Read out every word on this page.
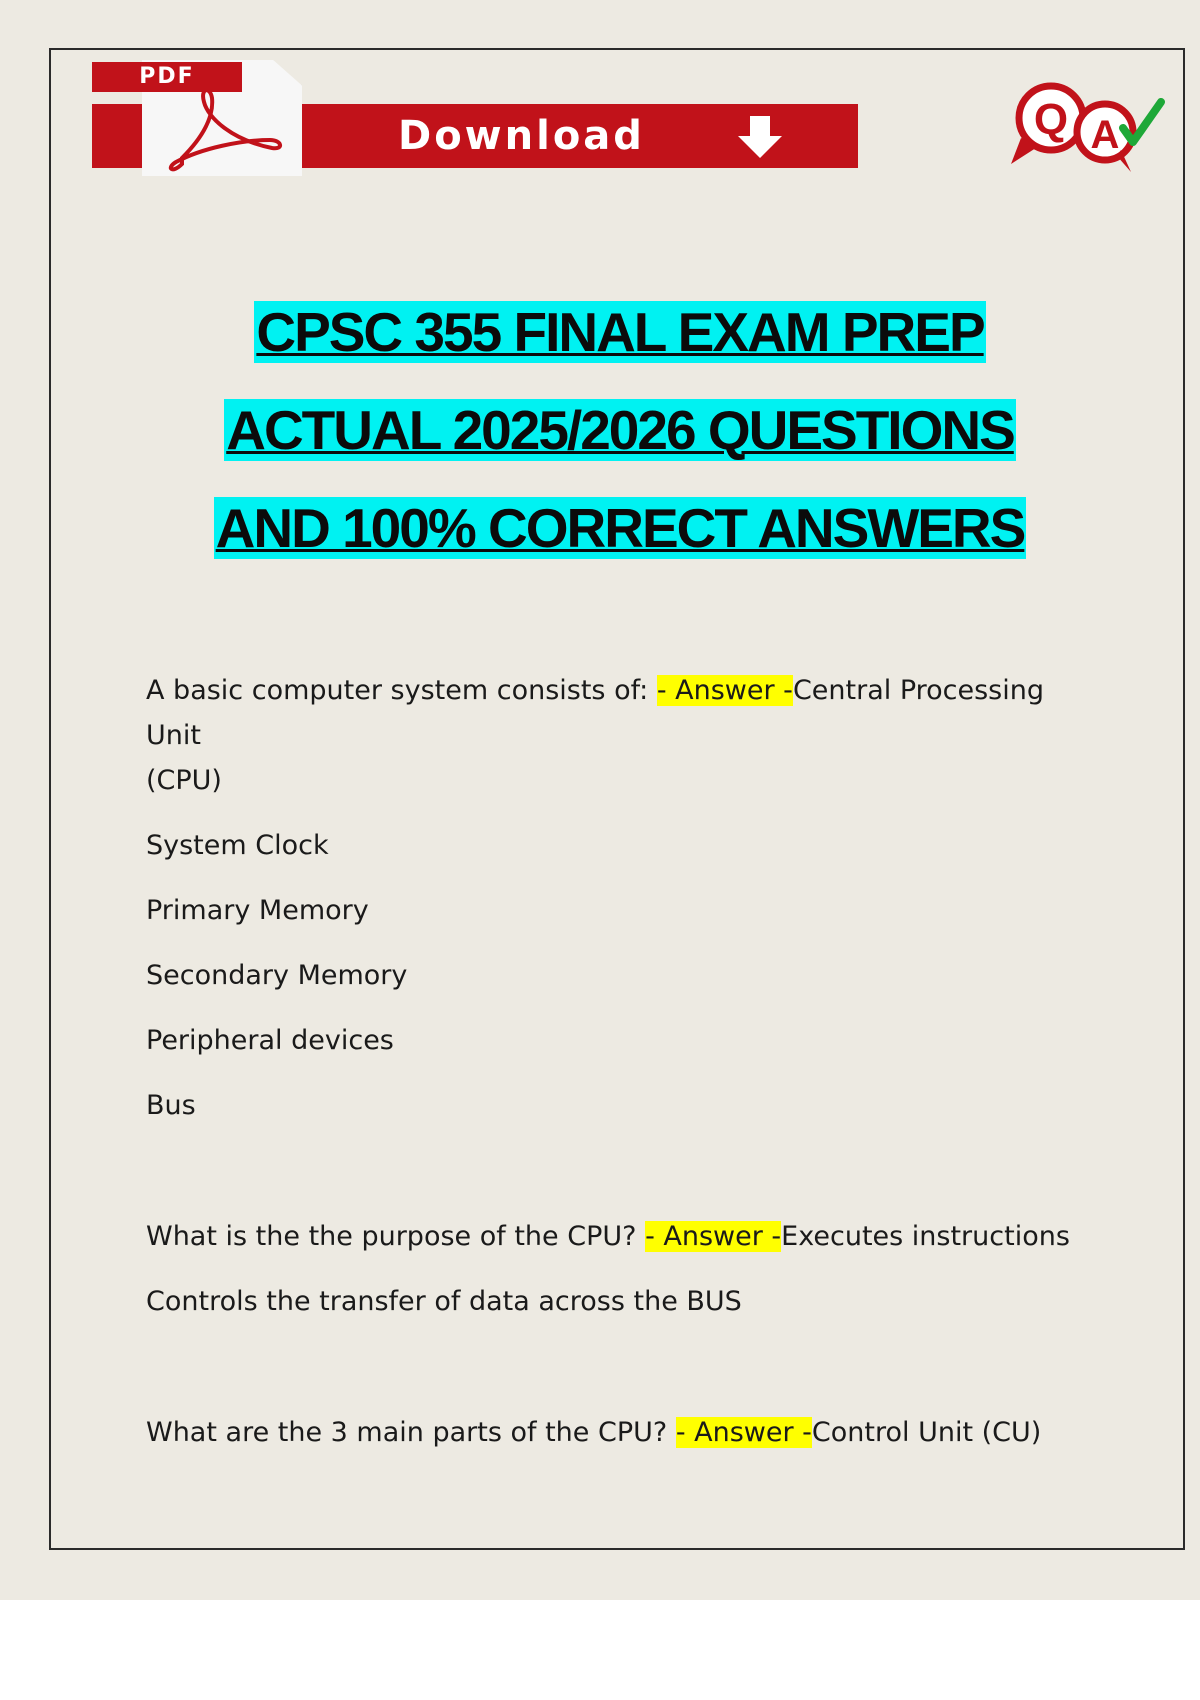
Download
PDF
Q A
CPSC 355 FINAL EXAM PREP
ACTUAL 2025/2026 QUESTIONS
AND 100% CORRECT ANSWERS

A basic computer system consists of: - Answer -Central Processing Unit

(CPU)

System Clock

Primary Memory

Secondary Memory

Peripheral devices

Bus

What is the the purpose of the CPU? - Answer -Executes instructions

Controls the transfer of data across the BUS

What are the 3 main parts of the CPU? - Answer -Control Unit (CU)
